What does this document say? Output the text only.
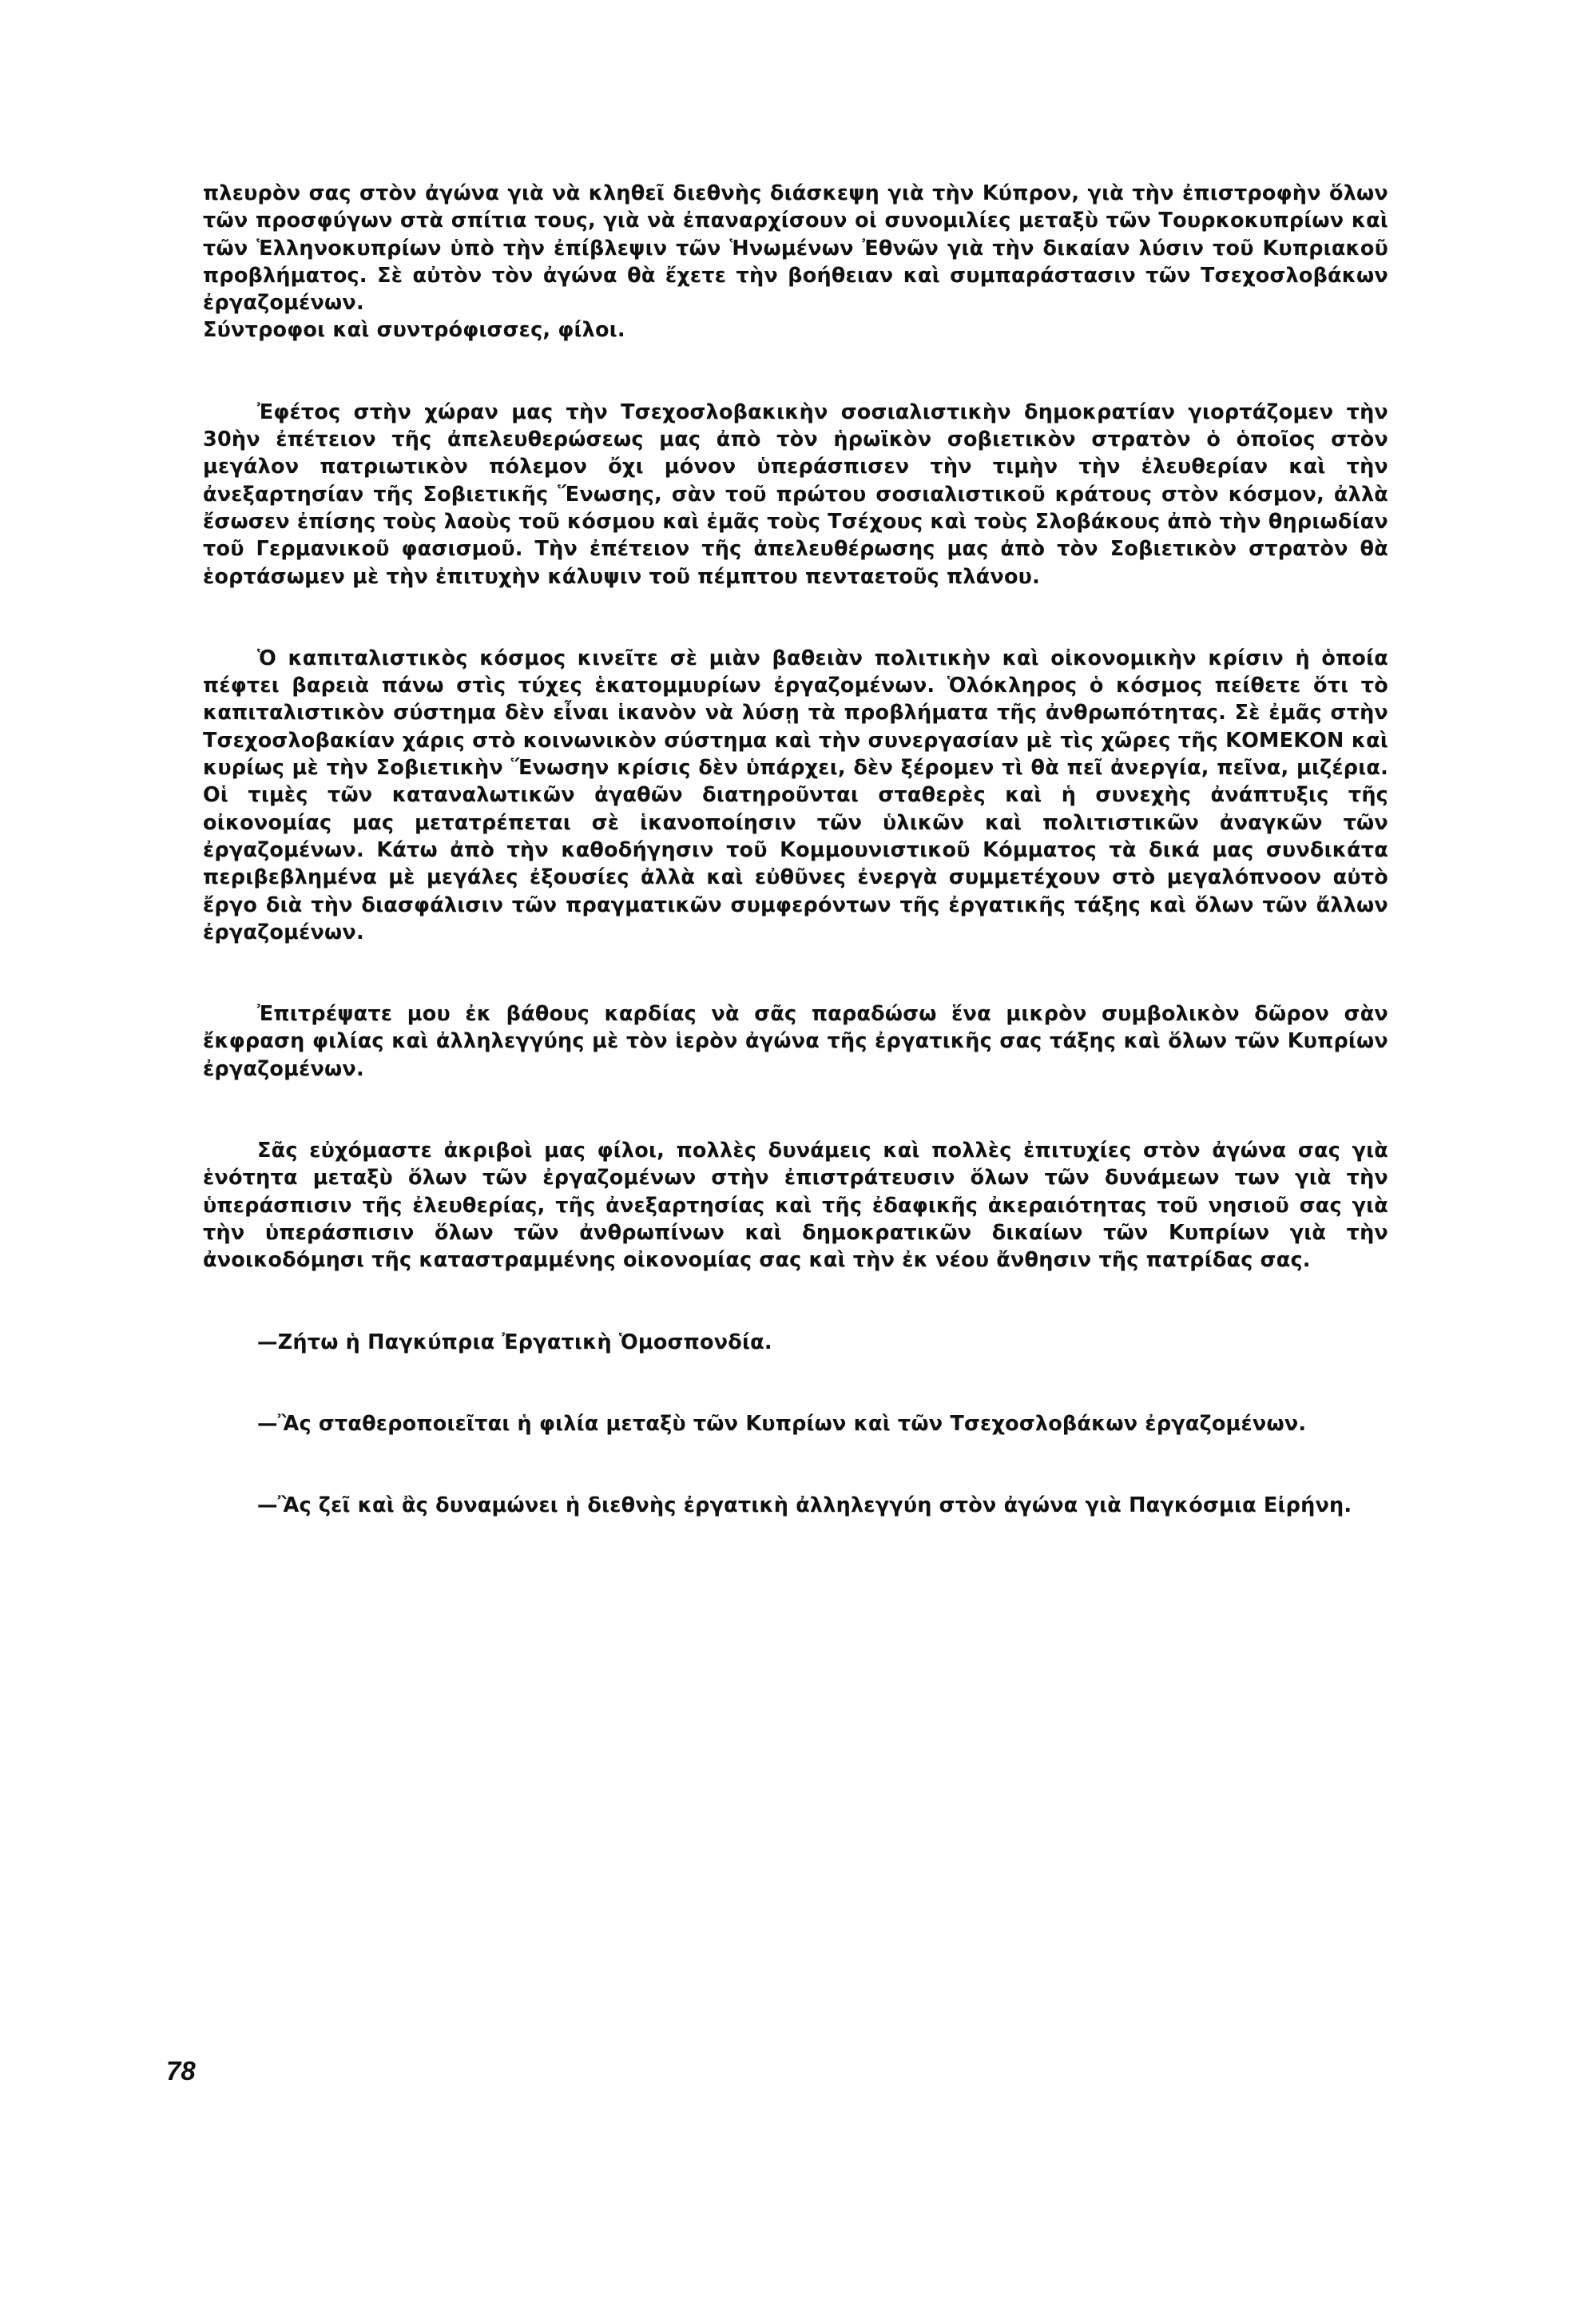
πλευρὸν σας στὸν ἀγώνα γιὰ νὰ κληθεῖ διεθνὴς διάσκεψη γιὰ τὴν Κύπρον, γιὰ τὴν ἐπιστροφὴν ὅλων τῶν προσφύγων στὰ σπίτια τους, γιὰ νὰ ἐπαναρχίσουν οἱ συνομιλίες μεταξὺ τῶν Τουρκοκυπρίων καὶ τῶν Ἑλληνοκυπρίων ὑπὸ τὴν ἐπίβλεψιν τῶν Ἡνωμένων Ἐθνῶν γιὰ τὴν δικαίαν λύσιν τοῦ Κυπριακοῦ προβλήματος. Σὲ αὐτὸν τὸν ἀγώνα θὰ ἔχετε τὴν βοήθειαν καὶ συμπαράστασιν τῶν Τσεχοσλοβάκων ἐργαζομένων.

Σύντροφοι καὶ συντρόφισσες, φίλοι.

Ἐφέτος στὴν χώραν μας τὴν Τσεχοσλοβακικὴν σοσιαλιστικὴν δημοκρατίαν γιορτάζομεν τὴν 30ὴν ἐπέτειον τῆς ἀπελευθερώσεως μας ἀπὸ τὸν ἡρωϊκὸν σοβιετικὸν στρατὸν ὁ ὁποῖος στὸν μεγάλον πατριωτικὸν πόλεμον ὄχι μόνον ὑπεράσπισεν τὴν τιμὴν τὴν ἐλευθερίαν καὶ τὴν ἀνεξαρτησίαν τῆς Σοβιετικῆς Ἕνωσης, σὰν τοῦ πρώτου σοσιαλιστικοῦ κράτους στὸν κόσμον, ἀλλὰ ἔσωσεν ἐπίσης τοὺς λαοὺς τοῦ κόσμου καὶ ἐμᾶς τοὺς Τσέχους καὶ τοὺς Σλοβάκους ἀπὸ τὴν θηριωδίαν τοῦ Γερμανικοῦ φασισμοῦ. Τὴν ἐπέτειον τῆς ἀπελευθέρωσης μας ἀπὸ τὸν Σοβιετικὸν στρατὸν θὰ ἑορτάσωμεν μὲ τὴν ἐπιτυχὴν κάλυψιν τοῦ πέμπτου πενταετοῦς πλάνου.

Ὁ καπιταλιστικὸς κόσμος κινεῖτε σὲ μιὰν βαθειὰν πολιτικὴν καὶ οἰκονομικὴν κρίσιν ἡ ὁποία πέφτει βαρειὰ πάνω στὶς τύχες ἑκατομμυρίων ἐργαζομένων. Ὁλόκληρος ὁ κόσμος πείθετε ὅτι τὸ καπιταλιστικὸν σύστημα δὲν εἶναι ἱκανὸν νὰ λύσῃ τὰ προβλήματα τῆς ἀνθρωπότητας. Σὲ ἐμᾶς στὴν Τσεχοσλοβακίαν χάρις στὸ κοινωνικὸν σύστημα καὶ τὴν συνεργασίαν μὲ τὶς χῶρες τῆς ΚΟΜΕΚΟΝ καὶ κυρίως μὲ τὴν Σοβιετικὴν Ἕνωσην κρίσις δὲν ὑπάρχει, δὲν ξέρομεν τὶ θὰ πεῖ ἀνεργία, πεῖνα, μιζέρια. Οἱ τιμὲς τῶν καταναλωτικῶν ἀγαθῶν διατηροῦνται σταθερὲς καὶ ἡ συνεχὴς ἀνάπτυξις τῆς οἰκονομίας μας μετατρέπεται σὲ ἱκανοποίησιν τῶν ὑλικῶν καὶ πολιτιστικῶν ἀναγκῶν τῶν ἐργαζομένων. Κάτω ἀπὸ τὴν καθοδήγησιν τοῦ Κομμουνιστικοῦ Κόμματος τὰ δικά μας συνδικάτα περιβεβλημένα μὲ μεγάλες ἐξουσίες ἀλλὰ καὶ εὐθῦνες ἐνεργὰ συμμετέχουν στὸ μεγαλόπνοον αὐτὸ ἔργο διὰ τὴν διασφάλισιν τῶν πραγματικῶν συμφερόντων τῆς ἐργατικῆς τάξης καὶ ὅλων τῶν ἄλλων ἐργαζομένων.

Ἐπιτρέψατε μου ἐκ βάθους καρδίας νὰ σᾶς παραδώσω ἕνα μικρὸν συμβολικὸν δῶρον σὰν ἔκφραση φιλίας καὶ ἀλληλεγγύης μὲ τὸν ἱερὸν ἀγώνα τῆς ἐργατικῆς σας τάξης καὶ ὅλων τῶν Κυπρίων ἐργαζομένων.

Σᾶς εὐχόμαστε ἀκριβοὶ μας φίλοι, πολλὲς δυνάμεις καὶ πολλὲς ἐπιτυχίες στὸν ἀγώνα σας γιὰ ἑνότητα μεταξὺ ὅλων τῶν ἐργαζομένων στὴν ἐπιστράτευσιν ὅλων τῶν δυνάμεων των γιὰ τὴν ὑπεράσπισιν τῆς ἐλευθερίας, τῆς ἀνεξαρτησίας καὶ τῆς ἐδαφικῆς ἀκεραιότητας τοῦ νησιοῦ σας γιὰ τὴν ὑπεράσπισιν ὅλων τῶν ἀνθρωπίνων καὶ δημοκρατικῶν δικαίων τῶν Κυπρίων γιὰ τὴν ἀνοικοδόμησι τῆς καταστραμμένης οἰκονομίας σας καὶ τὴν ἐκ νέου ἄνθησιν τῆς πατρίδας σας.

—Ζήτω ἡ Παγκύπρια Ἐργατικὴ Ὁμοσπονδία.

—Ἂς σταθεροποιεῖται ἡ φιλία μεταξὺ τῶν Κυπρίων καὶ τῶν Τσεχοσλοβάκων ἐργαζομένων.

—Ἂς ζεῖ καὶ ἂς δυναμώνει ἡ διεθνὴς ἐργατικὴ ἀλληλεγγύη στὸν ἀγώνα γιὰ Παγκόσμια Εἰρήνη.

78
